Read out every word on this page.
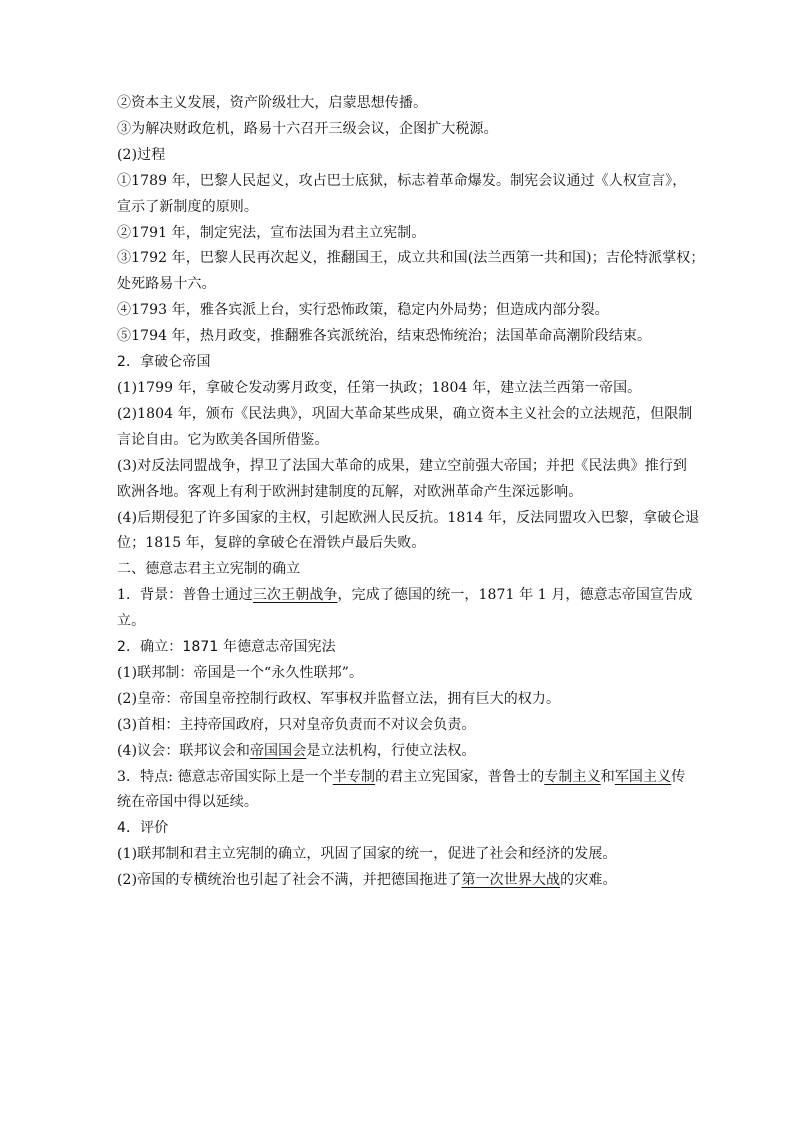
②资本主义发展，资产阶级壮大，启蒙思想传播。
③为解决财政危机，路易十六召开三级会议，企图扩大税源。
(2)过程
①1789 年，巴黎人民起义，攻占巴士底狱，标志着革命爆发。制宪会议通过《人权宣言》，
宣示了新制度的原则。
②1791 年，制定宪法，宣布法国为君主立宪制。
③1792 年，巴黎人民再次起义，推翻国王，成立共和国(法兰西第一共和国)；吉伦特派掌权；
处死路易十六。
④1793 年，雅各宾派上台，实行恐怖政策，稳定内外局势；但造成内部分裂。
⑤1794 年，热月政变，推翻雅各宾派统治，结束恐怖统治；法国革命高潮阶段结束。
2．拿破仑帝国
(1)1799 年，拿破仑发动雾月政变，任第一执政；1804 年，建立法兰西第一帝国。
(2)1804 年，颁布《民法典》，巩固大革命某些成果，确立资本主义社会的立法规范，但限制
言论自由。它为欧美各国所借鉴。
(3)对反法同盟战争，捍卫了法国大革命的成果，建立空前强大帝国；并把《民法典》推行到
欧洲各地。客观上有利于欧洲封建制度的瓦解，对欧洲革命产生深远影响。
(4)后期侵犯了许多国家的主权，引起欧洲人民反抗。1814 年，反法同盟攻入巴黎，拿破仑退
位；1815 年，复辟的拿破仑在滑铁卢最后失败。
二、德意志君主立宪制的确立
1．背景：普鲁士通过三次王朝战争，完成了德国的统一，1871 年 1 月，德意志帝国宣告成
立。
2．确立：1871 年德意志帝国宪法
(1)联邦制：帝国是一个“永久性联邦”。
(2)皇帝：帝国皇帝控制行政权、军事权并监督立法，拥有巨大的权力。
(3)首相：主持帝国政府，只对皇帝负责而不对议会负责。
(4)议会：联邦议会和帝国国会是立法机构，行使立法权。
3．特点: 德意志帝国实际上是一个半专制的君主立宪国家，普鲁士的专制主义和军国主义传
统在帝国中得以延续。
4．评价
(1)联邦制和君主立宪制的确立，巩固了国家的统一，促进了社会和经济的发展。
(2)帝国的专横统治也引起了社会不满，并把德国拖进了第一次世界大战的灾难。
